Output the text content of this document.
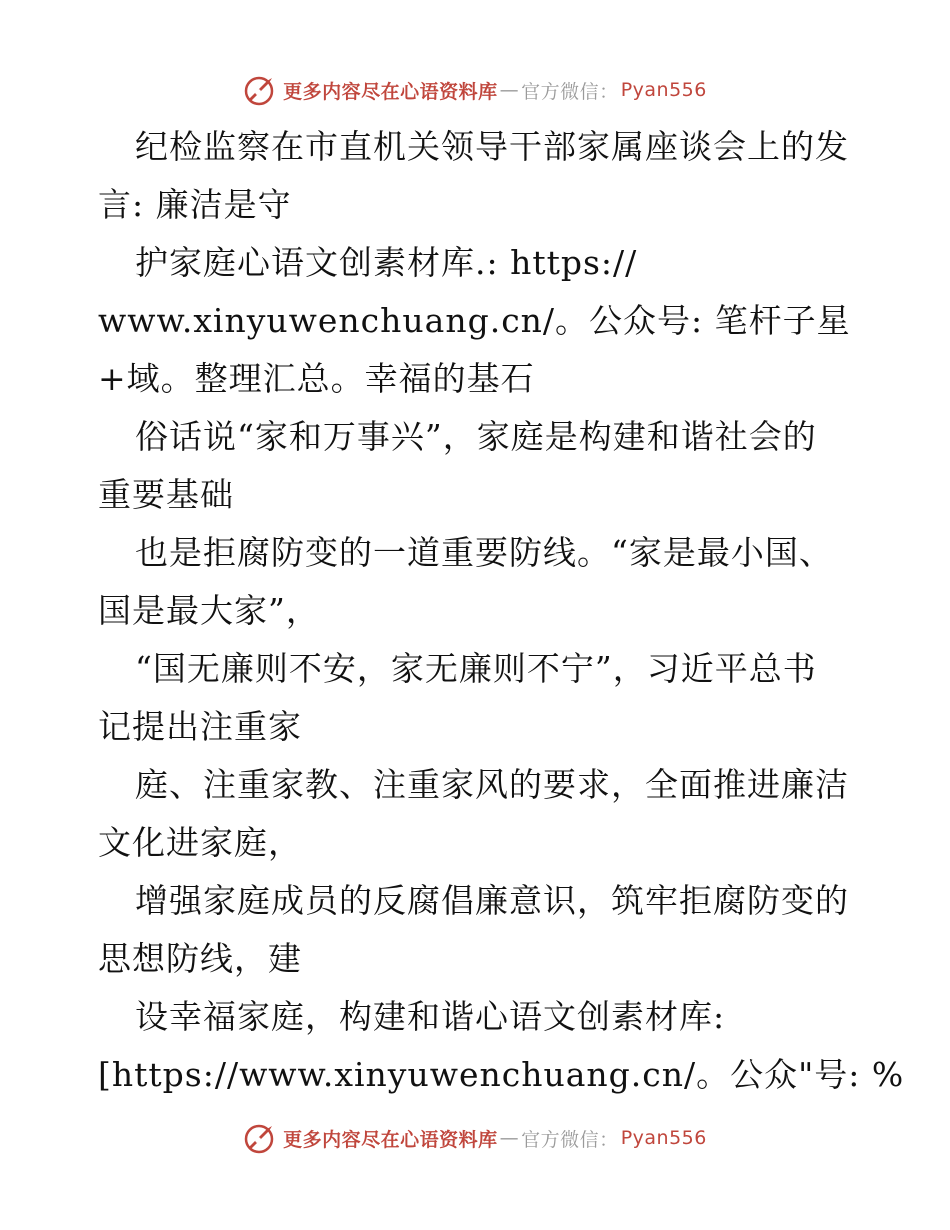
更多内容尽在心语资料库 — 官方微信： Pyan556
纪检监察在市直机关领导干部家属座谈会上的发
言: 廉洁是守
护家庭心语文创素材库.: https://
www.xinyuwenchuang.cn/。公众号: 笔杆子星
+域。整理汇总。幸福的基石
俗话说“家和万事兴”，家庭是构建和谐社会的
重要基础
也是拒腐防变的一道重要防线。“家是最小国、
国是最大家”，
“国无廉则不安，家无廉则不宁”，习近平总书
记提出注重家
庭、注重家教、注重家风的要求，全面推进廉洁
文化进家庭，
增强家庭成员的反腐倡廉意识，筑牢拒腐防变的
思想防线，建
设幸福家庭，构建和谐心语文创素材库:
[https://www.xinyuwenchuang.cn/。公众"号: %
更多内容尽在心语资料库 — 官方微信： Pyan556
